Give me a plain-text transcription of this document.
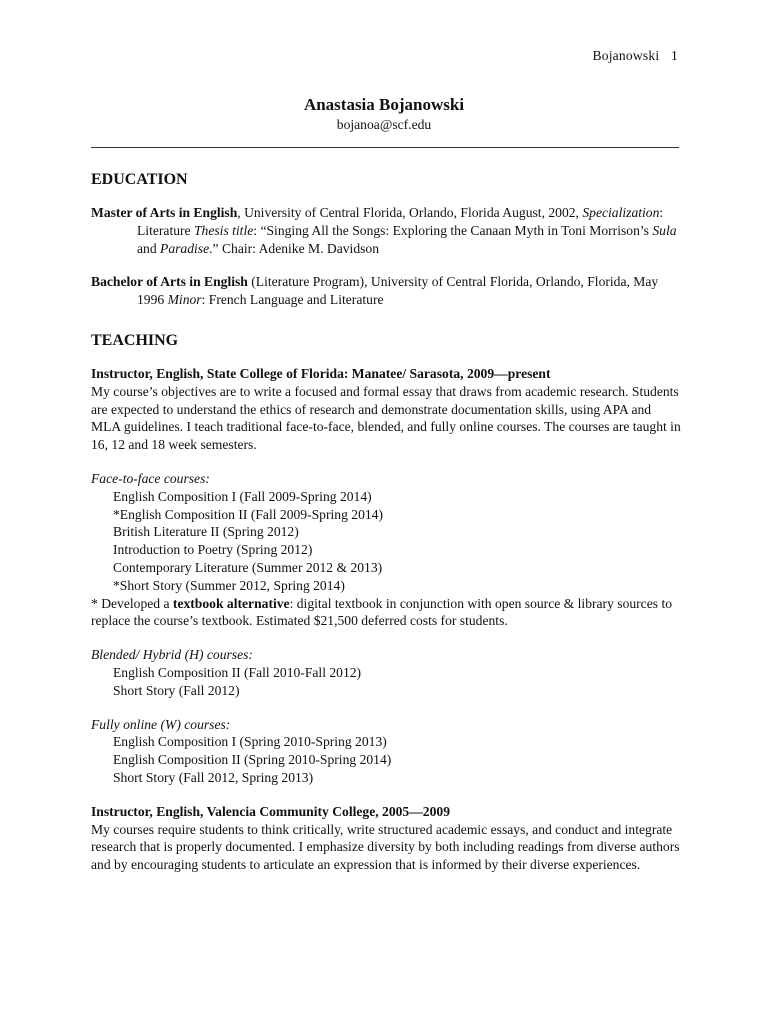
Bojanowski 1

Anastasia Bojanowski

bojanoa@scf.edu

EDUCATION

Master of Arts in English, University of Central Florida, Orlando, Florida August, 2002, Specialization: Literature Thesis title: “Singing All the Songs: Exploring the Canaan Myth in Toni Morrison’s Sula and Paradise.” Chair: Adenike M. Davidson

Bachelor of Arts in English (Literature Program), University of Central Florida, Orlando, Florida, May 1996 Minor: French Language and Literature

TEACHING

Instructor, English, State College of Florida: Manatee/ Sarasota, 2009—present

My course’s objectives are to write a focused and formal essay that draws from academic research. Students are expected to understand the ethics of research and demonstrate documentation skills, using APA and MLA guidelines. I teach traditional face-to-face, blended, and fully online courses. The courses are taught in 16, 12 and 18 week semesters.

Face-to-face courses:

English Composition I (Fall 2009-Spring 2014)
*English Composition II (Fall 2009-Spring 2014)
British Literature II (Spring 2012)
Introduction to Poetry (Spring 2012)
Contemporary Literature (Summer 2012 & 2013)
*Short Story (Summer 2012, Spring 2014)

* Developed a textbook alternative: digital textbook in conjunction with open source & library sources to replace the course’s textbook. Estimated $21,500 deferred costs for students.

Blended/ Hybrid (H) courses:

English Composition II (Fall 2010-Fall 2012)
Short Story (Fall 2012)

Fully online (W) courses:

English Composition I (Spring 2010-Spring 2013)
English Composition II (Spring 2010-Spring 2014)
Short Story (Fall 2012, Spring 2013)

Instructor, English, Valencia Community College, 2005—2009

My courses require students to think critically, write structured academic essays, and conduct and integrate research that is properly documented. I emphasize diversity by both including readings from diverse authors and by encouraging students to articulate an expression that is informed by their diverse experiences.
